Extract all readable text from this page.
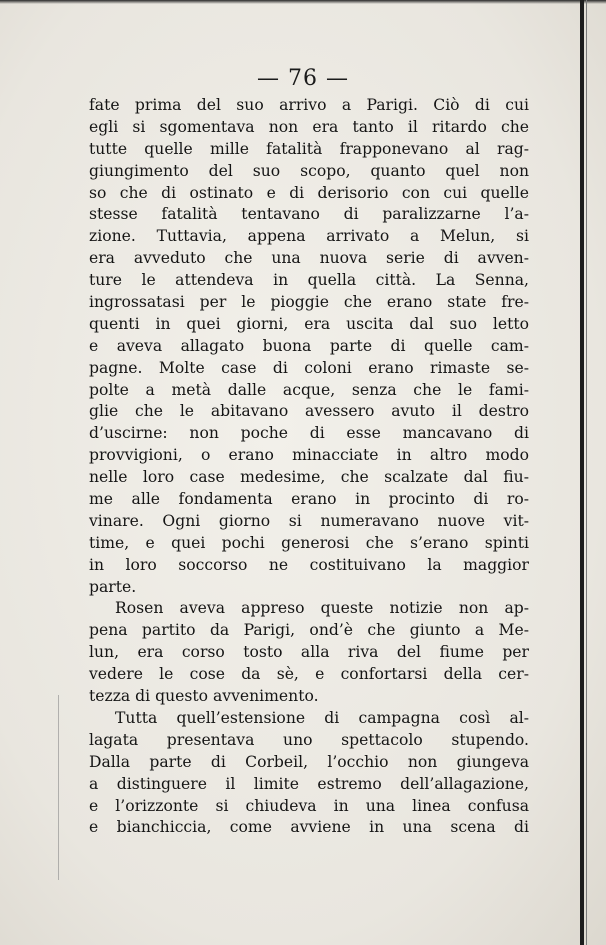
— 76 —
fate prima del suo arrivo a Parigi. Ciò di cui
egli si sgomentava non era tanto il ritardo che
tutte quelle mille fatalità frapponevano al rag-
giungimento del suo scopo, quanto quel non
so che di ostinato e di derisorio con cui quelle
stesse fatalità tentavano di paralizzarne l’a-
zione. Tuttavia, appena arrivato a Melun, si
era avveduto che una nuova serie di avven-
ture le attendeva in quella città. La Senna,
ingrossatasi per le pioggie che erano state fre-
quenti in quei giorni, era uscita dal suo letto
e aveva allagato buona parte di quelle cam-
pagne. Molte case di coloni erano rimaste se-
polte a metà dalle acque, senza che le fami-
glie che le abitavano avessero avuto il destro
d’uscirne: non poche di esse mancavano di
provvigioni, o erano minacciate in altro modo
nelle loro case medesime, che scalzate dal fiu-
me alle fondamenta erano in procinto di ro-
vinare. Ogni giorno si numeravano nuove vit-
time, e quei pochi generosi che s’erano spinti
in loro soccorso ne costituivano la maggior
parte.
Rosen aveva appreso queste notizie non ap-
pena partito da Parigi, ond’è che giunto a Me-
lun, era corso tosto alla riva del fiume per
vedere le cose da sè, e confortarsi della cer-
tezza di questo avvenimento.
Tutta quell’estensione di campagna così al-
lagata presentava uno spettacolo stupendo.
Dalla parte di Corbeil, l’occhio non giungeva
a distinguere il limite estremo dell’allagazione,
e l’orizzonte si chiudeva in una linea confusa
e bianchiccia, come avviene in una scena di
